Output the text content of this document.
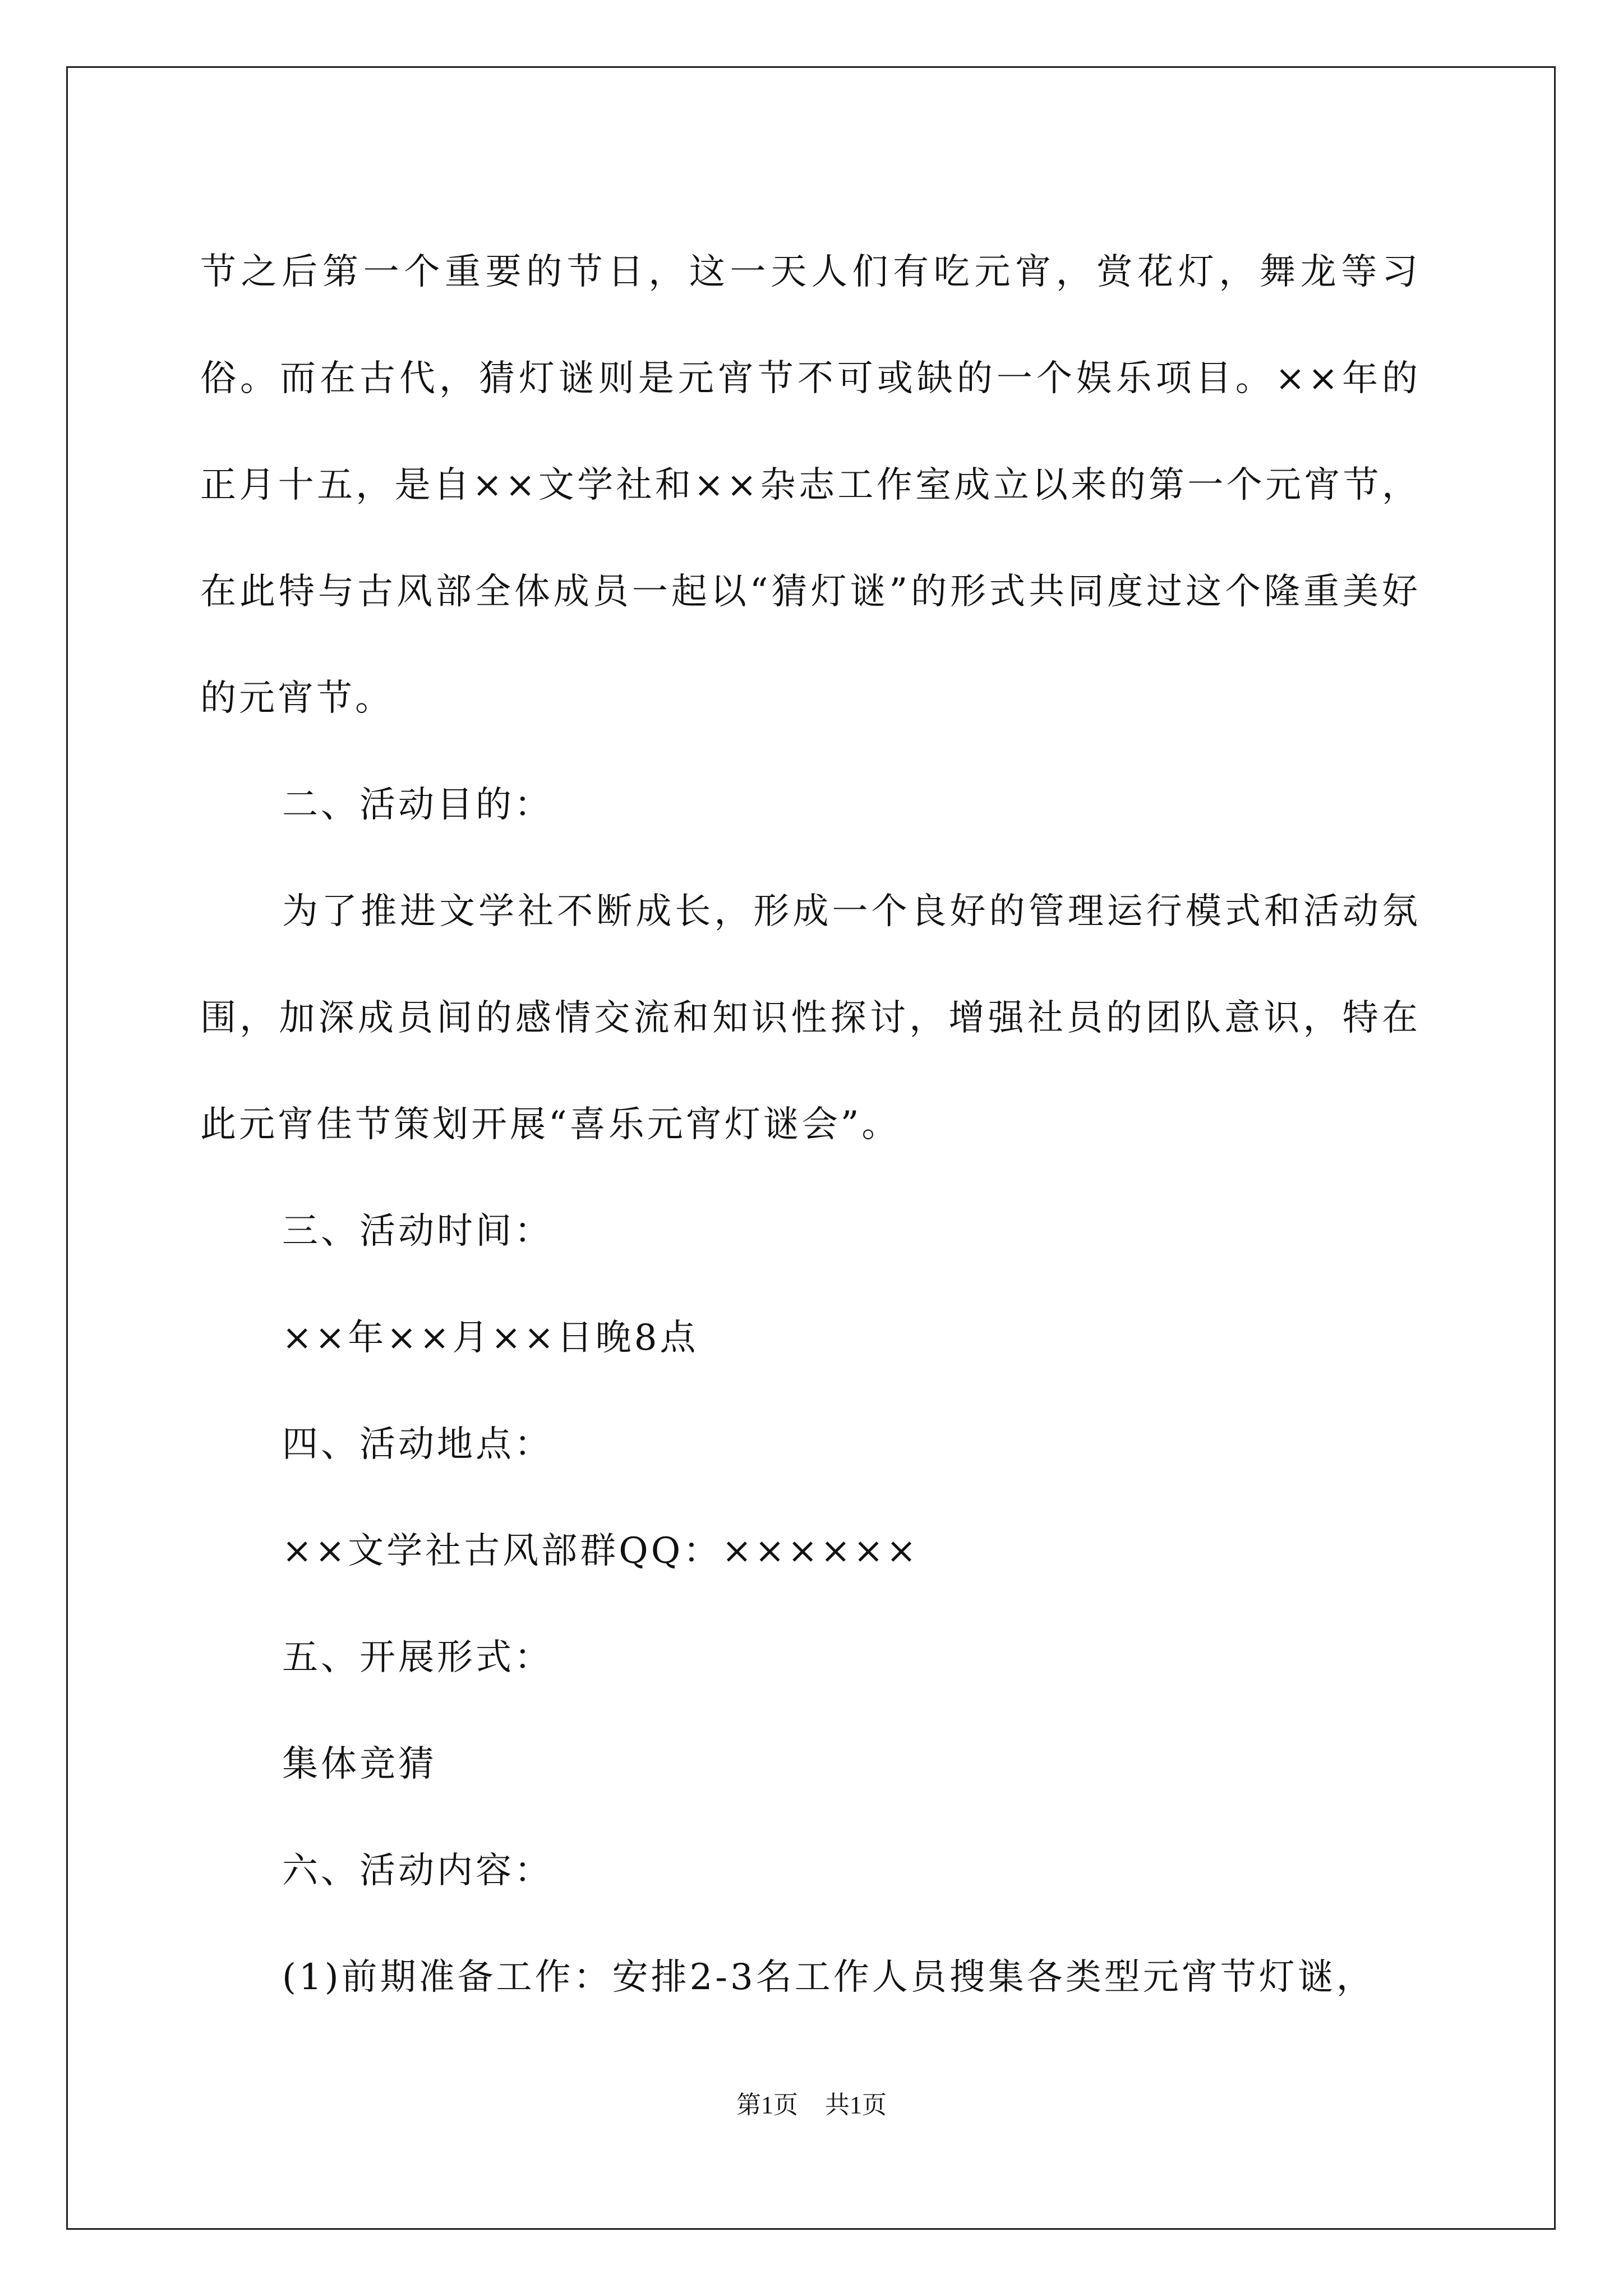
节之后第一个重要的节日，这一天人们有吃元宵，赏花灯，舞龙等习俗。而在古代，猜灯谜则是元宵节不可或缺的一个娱乐项目。××年的正月十五，是自××文学社和××杂志工作室成立以来的第一个元宵节，在此特与古风部全体成员一起以“猜灯谜”的形式共同度过这个隆重美好的元宵节。

二、活动目的：

为了推进文学社不断成长，形成一个良好的管理运行模式和活动氛围，加深成员间的感情交流和知识性探讨，增强社员的团队意识，特在此元宵佳节策划开展“喜乐元宵灯谜会”。

三、活动时间：

××年××月××日晚8点

四、活动地点：

××文学社古风部群QQ：××××××

五、开展形式：

集体竞猜

六、活动内容：

(1)前期准备工作：安排2-3名工作人员搜集各类型元宵节灯谜，

第1页 共1页
